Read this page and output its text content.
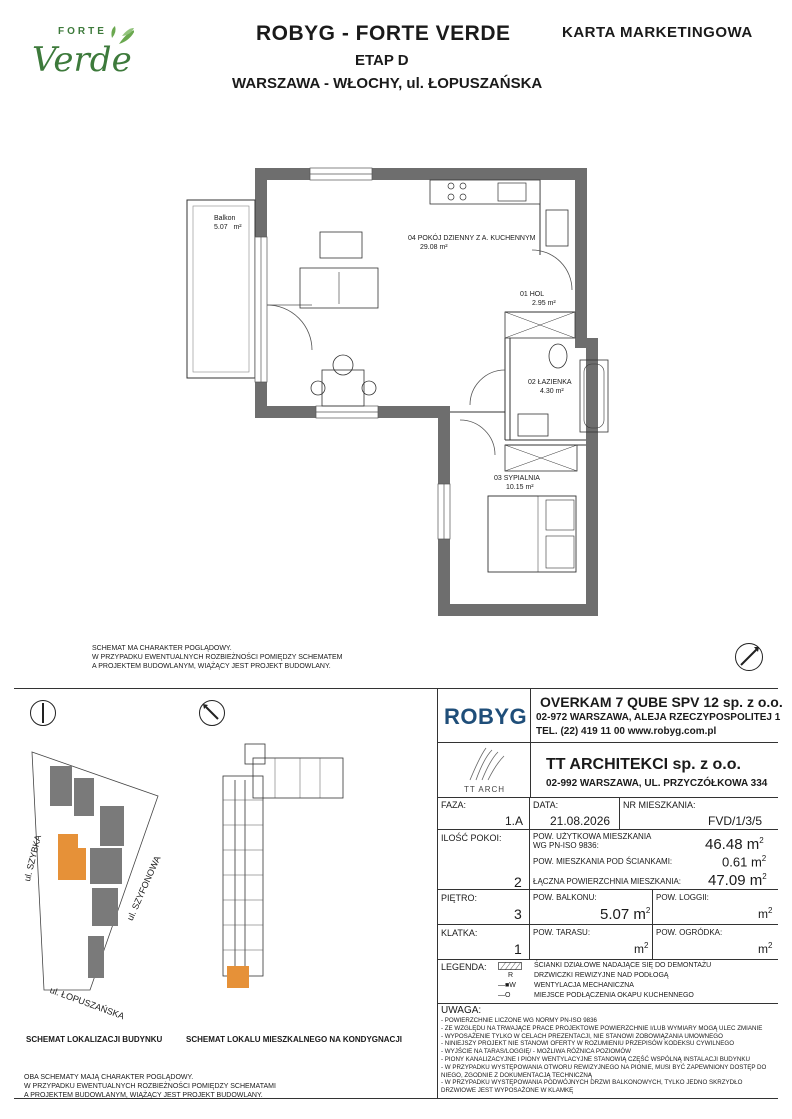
FORTE
Verde
ROBYG - FORTE VERDE
ETAP D
WARSZAWA - WŁOCHY, ul. ŁOPUSZAŃSKA
KARTA MARKETINGOWA
04 POKÓJ DZIENNY Z A. KUCHENNYM
29.08 m²
01 HOL
2.95 m²
02 ŁAZIENKA
4.30 m²
03 SYPIALNIA
10.15 m²
Balkon
5.07 m²
SCHEMAT MA CHARAKTER POGLĄDOWY.
W PRZYPADKU EWENTUALNYCH ROZBIEŻNOŚCI POMIĘDZY SCHEMATEM
A PROJEKTEM BUDOWLANYM, WIĄŻĄCY JEST PROJEKT BUDOWLANY.
ul. SZYBKA	ul. SZYFONOWA
ul. ŁOPUSZAŃSKA
SCHEMAT LOKALIZACJI BUDYNKU	SCHEMAT LOKALU MIESZKALNEGO NA KONDYGNACJI
OBA SCHEMATY MAJĄ CHARAKTER POGLĄDOWY.
W PRZYPADKU EWENTUALNYCH ROZBIEŻNOŚCI POMIĘDZY SCHEMATAMI
A PROJEKTEM BUDOWLANYM, WIĄŻĄCY JEST PROJEKT BUDOWLANY.
ROBYG
OVERKAM 7 QUBE SPV 12 sp. z o.o.
02-972 WARSZAWA, ALEJA RZECZYPOSPOLITEJ 1
TEL. (22) 419 11 00 www.robyg.com.pl
TT ARCH
TT ARCHITEKCI sp. z o.o.
02-992 WARSZAWA, UL. PRZYCZÓŁKOWA 334
FAZA:
1.A
DATA:
21.08.2026
NR MIESZKANIA:
FVD/1/3/5
ILOŚĆ POKOI:
2
POW. UŻYTKOWA MIESZKANIA
WG PN-ISO 9836:	46.48 $m^2$
POW. MIESZKANIA POD ŚCIANKAMI:	0.61 $m^2$
ŁĄCZNA POWIERZCHNIA MIESZKANIA: 47.09 $m^2$
PIĘTRO:
3
POW. BALKONU:
5.07 $m^2$
POW. LOGGII:
$m^2$
KLATKA:
1
POW. TARASU:
$m^2$
POW. OGRÓDKA:
$m^2$
LEGENDA:	ŚCIANKI DZIAŁOWE NADAJĄCE SIĘ DO DEMONTAŻU
R	DRZWICZKI REWIZYJNE NAD PODŁOGĄ
—■W	WENTYLACJA MECHANICZNA
—O	MIEJSCE PODŁĄCZENIA OKAPU KUCHENNEGO
UWAGA:
- POWIERZCHNIE LICZONE WG NORMY PN-ISO 9836
- ZE WZGLĘDU NA TRWAJĄCE PRACE PROJEKTOWE POWIERZCHNIE I/LUB WYMIARY MOGĄ ULEC ZMIANIE
- WYPOSAŻENIE TYLKO W CELACH PREZENTACJI, NIE STANOWI ZOBOWIĄZANIA UMOWNEGO
- NINIEJSZY PROJEKT NIE STANOWI OFERTY W ROZUMIENIU PRZEPISÓW KODEKSU CYWILNEGO
- WYJŚCIE NA TARAS/LOGGIĘ/ - MOŻLIWA RÓŻNICA POZIOMÓW
- PIONY KANALIZACYJNE I PIONY WENTYLACYJNE STANOWIĄ CZĘŚĆ WSPÓLNĄ INSTALACJI BUDYNKU
- W PRZYPADKU WYSTĘPOWANIA OTWORU REWIZYJNEGO NA PIONIE, MUSI BYĆ ZAPEWNIONY DOSTĘP DO
NIEGO, ZGODNIE Z DOKUMENTACJĄ TECHNICZNĄ
- W PRZYPADKU WYSTĘPOWANIA PODWÓJNYCH DRZWI BALKONOWYCH, TYLKO JEDNO SKRZYDŁO
DRZWIOWE JEST WYPOSAŻONE W KLAMKĘ
